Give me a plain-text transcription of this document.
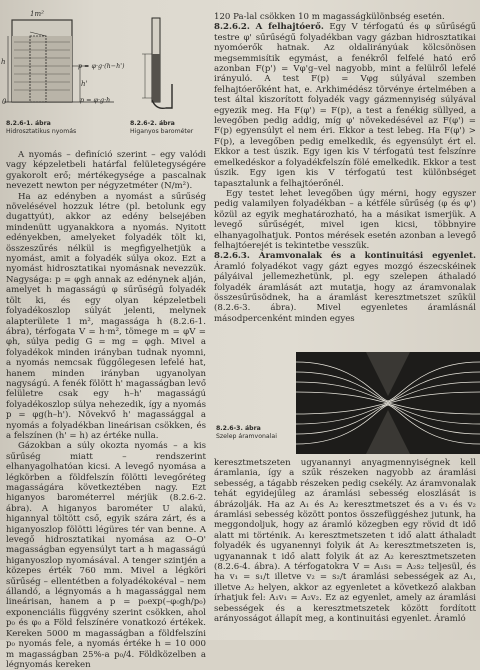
1m²
h
h'
0
p = φ·g·(h−h')
p = φ·g·h
8.2.6-1. ábra
Hidrosztatikus nyomás
8.2.6-2. ábra
Higanyos barométer

A nyomás – definíció szerint – egy valódi vagy képzeletbeli határfal felületegységére gyakorolt erő; mértékegysége a pascalnak nevezett newton per négyzetméter (N/m²).

Ha az edényben a nyomást a sűrűség növelésével hozzuk létre (pl. betolunk egy dugattyút), akkor az edény belsejében mindenütt ugyanakkora a nyomás. Nyitott edényekben, amelyeket folyadék tölt ki, összeszűrés nélkül is megfigyelhetjük a nyomást, amit a folyadék súlya okoz. Ezt a nyomást hidrosztatikai nyomásnak nevezzük. Nagysága: p = φgh annak az edénynek alján, amelyet h magasságú φ sűrűségű folyadék tölt ki, és egy olyan képzeletbeli folyadékoszlop súlyát jelenti, melynek alapterülete 1 m², magassága h (8.2.6-1. ábra), térfogata V = h·m², tömege m = φV = φh, súlya pedig G = mg = φgh. Mivel a folyadékok minden irányban tudnak nyomni, a nyomás nemcsak függőlegesen lefelé hat, hanem minden irányban ugyanolyan nagyságú. A fenék fölött h' magasságban levő felületre csak egy h–h' magasságú folyadékoszlop súlya nehezedik, így a nyomás p = φg(h–h'). Növekvő h' magassággal a nyomás a folyadékban lineárisan csökken, és a felszínen (h' = h) az értéke nulla.

Gázokban a súly okozta nyomás – a kis sűrűség miatt – rendszerint elhanyagolhatóan kicsi. A levegő nyomása a légkörben a földfelszín fölötti levegőréteg magasságára következtében nagy. Ezt higanyos barométerrel mérjük (8.2.6-2. ábra). A higanyos barométer U alakú, higannyal töltött cső, egyik szára zárt, és a higanyoszlop fölötti légüres tér van benne. A levegő hidrosztatikai nyomása az O–O' magasságban egyensúlyt tart a h magasságú higanyoszlop nyomásával. A tenger szintjén a közepes érték 760 mm. Mivel a légköri sűrűség – ellentétben a folyadékokéval – nem állandó, a légnyomás a h magassággal nem lineárisan, hanem a p = p₀exp(–φ₀gh/p₀) exponenciális függvény szerint csökken, ahol p₀ és φ₀ a Föld felszínére vonatkozó értékek. Kereken 5000 m magasságban a földfelszíni p₀ nyomás fele, a nyomás értéke h = 10 000 m magasságban 25%-a p₀/4. Földközelben a légnyomás kereken

120 Pa-lal csökken 10 m magasságkülönbség esetén.

8.2.6.2. A felhajtóerő. Egy V térfogatú és φ sűrűségű testre φ' sűrűségű folyadékban vagy gázban hidrosztatikai nyomóerők hatnak. Az oldalirányúak kölcsönösen megsemmisítik egymást, a fenékről felfelé ható erő azonban F(p') = Vφ'g–vel nagyobb, mint a felülről lefelé irányuló. A test F(p) = Vφg súlyával szemben felhajtóerőként hat, e. Arkhimédész törvénye értelmében a test által kiszorított folyadék vagy gázmennyiség súlyával egyezik meg. Ha F(φ') = F(p), a test a fenékig süllyed, a levegőben pedig addig, míg φ' növekedésével az F(φ') = F(p) egyensúlyt el nem éri. Ekkor a test lebeg. Ha F(φ') > F(p), a levegőben pedig emelkedik, és egyensúlyt ért el. Ekkor a test úszik. Egy igen kis V térfogatú test felszínre emelkedéskor a folyadékfelszín fölé emelkedik. Ekkor a test úszik. Egy igen kis V térfogatú test különbséget tapasztalunk a felhajtóerőnél.

Egy testet lehet levegőben úgy mérni, hogy egyszer pedig valamilyen folyadékban – a kétféle sűrűség (φ és φ') közül az egyik meghatározható, ha a másikat ismerjük. A levegő sűrűségét, mivel igen kicsi, többnyire elhanyagolhatjuk. Pontos mérések esetén azonban a levegő felhajtóerejét is tekintetbe vesszük.

8.2.6.3. Áramvonalak és a kontinuitási egyenlet. Áramló folyadékot vagy gázt egyes mozgó észecskéinek pályáival jellemezhetünk, pl. egy szelepen áthaladó folyadék áramlását azt mutatja, hogy az áramvonalak összesűrűsödnek, ha a áramlást keresztmetszet szűkül (8.2.6-3. ábra). Mivel egyenletes áramlásnál másodpercenként minden egyes

8.2.6-3. ábra
Szelep áramvonalai

keresztmetszeten ugyanannyi anyagmennyiségnek kell áramlania, így a szűk részeken nagyobb az áramlási sebesség, a tágabb részeken pedig csekély. Az áramvonalak tehát egyidejűleg az áramlási sebesség eloszlását is ábrázolják. Ha az A₁ és A₂ keresztmetszet és a v₁ és v₂ áramlási sebesség között pontos összefüggéshez jutunk, ha meggondoljuk, hogy az áramló közegben egy rövid dt idő alatt mi történik. A₁ keresztmetszeten t idő alatt áthaladt folyadék és ugyanennyi folyik át A₂ keresztmetszeten is, ugyanannak t idő alatt folyik át az A₂ keresztmetszeten (8.2.6-4. ábra). A térfogatokra V = A₁s₁ = A₂s₂ teljesül, és ha v₁ = s₁/t illetve v₂ = s₂/t áramlási sebességek az A₁, illetve A₂ helyen, akkor az egyenletet a következő alakban írhatjuk fel: A₁v₁ = A₂v₂. Ez az egyenlet, amely az áramlási sebességek és a keresztmetszetek között fordított arányosságot állapít meg, a kontinuitási egyenlet. Áramló
